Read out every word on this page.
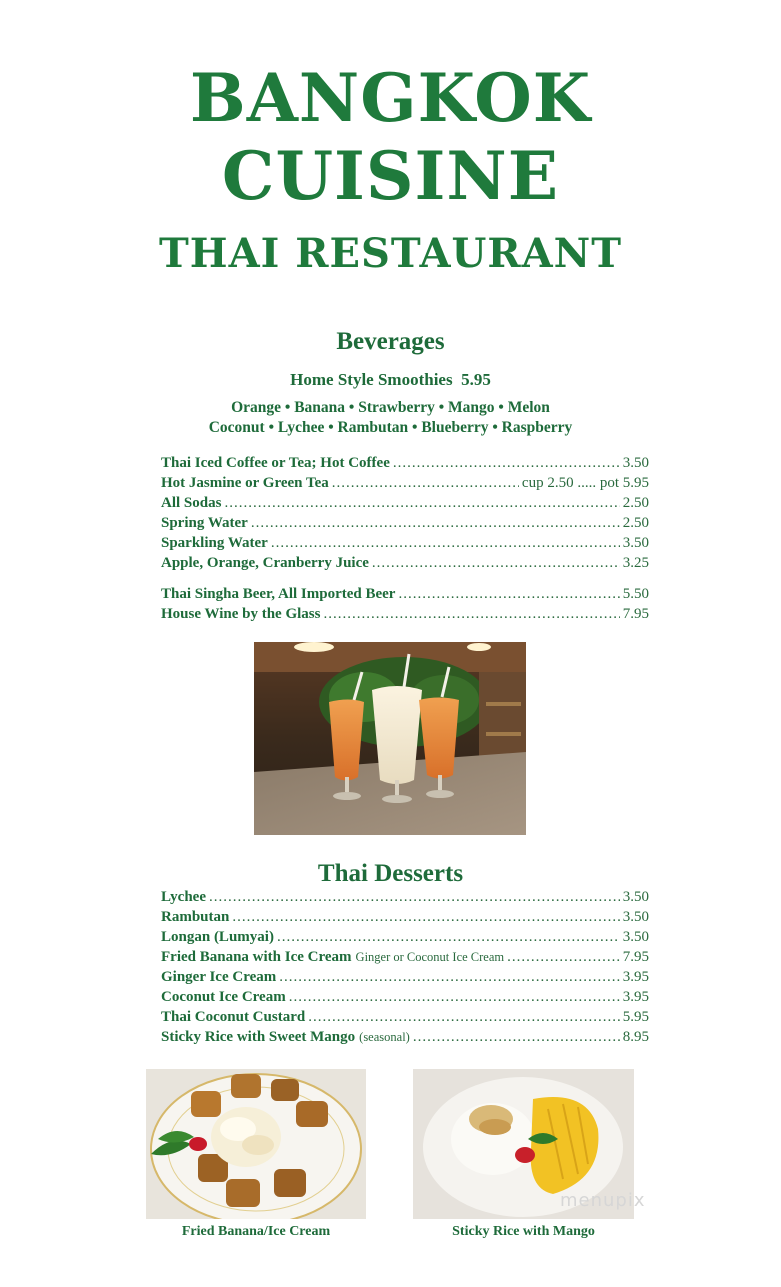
BANGKOK
CUISINE
THAI RESTAURANT
Beverages
Home Style Smoothies 5.95
Orange • Banana • Strawberry • Mango • Melon
Coconut • Lychee • Rambutan • Blueberry • Raspberry
Thai Iced Coffee or Tea; Hot Coffee .....	3.50
Hot Jasmine or Green Tea .....	cup 2.50 ..... pot 5.95
All Sodas .....	2.50
Spring Water .....	2.50
Sparkling Water .....	3.50
Apple, Orange, Cranberry Juice .....	3.25
Thai Singha Beer, All Imported Beer .....	5.50
House Wine by the Glass .....	7.95
Thai Desserts
Lychee .....	3.50
Rambutan .....	3.50
Longan (Lumyai) .....	3.50
Fried Banana with Ice Cream Ginger or Coconut Ice Cream .....	7.95
Ginger Ice Cream .....	3.95
Coconut Ice Cream .....	3.95
Thai Coconut Custard .....	5.95
Sticky Rice with Sweet Mango (seasonal) .....	8.95
Fried Banana/Ice Cream	Sticky Rice with Mango
menupix
